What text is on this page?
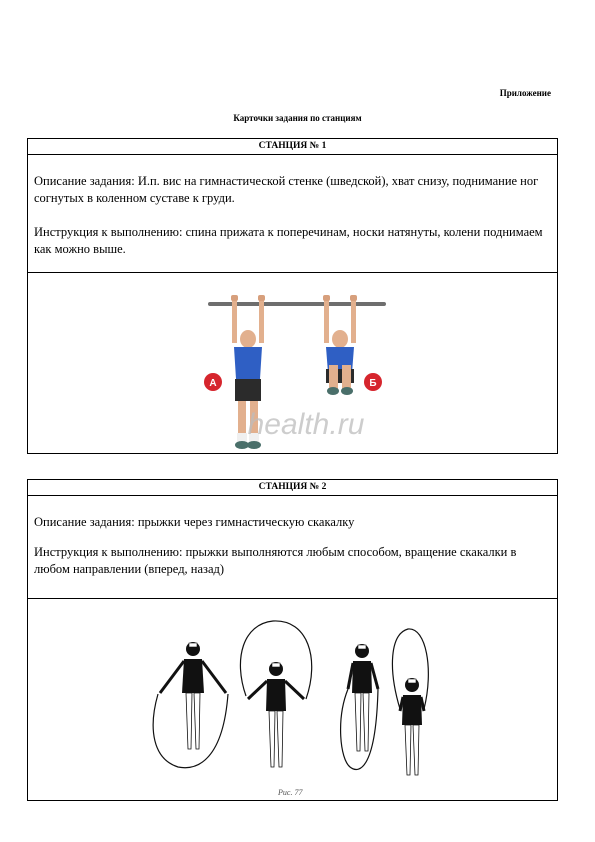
Приложение
Карточки задания по станциям
СТАНЦИЯ № 1

Описание задания: И.п. вис на гимнастической стенке (шведской), хват снизу, поднимание ног согнутых в коленном суставе к груди.

Инструкция к выполнению: спина прижата к поперечинам, носки натянуты, колени поднимаем как можно выше.

А	Б
health.ru
СТАНЦИЯ № 2

Описание задания: прыжки через гимнастическую скакалку

Инструкция к выполнению: прыжки выполняются любым способом, вращение скакалки в любом направлении (вперед, назад)

Рис. 77
